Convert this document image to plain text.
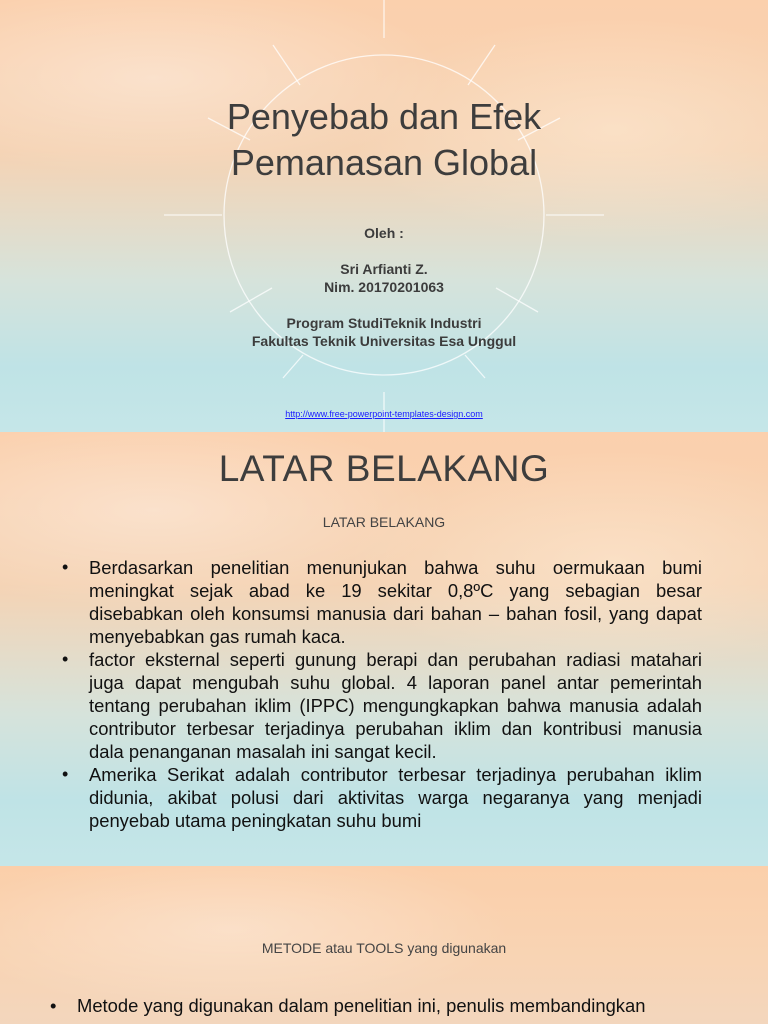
Penyebab dan Efek
Pemanasan Global
Oleh :
Sri Arfianti Z.
Nim. 20170201063
Program StudiTeknik Industri
Fakultas Teknik Universitas Esa Unggul
http://www.free-powerpoint-templates-design.com
LATAR BELAKANG
LATAR BELAKANG
• Berdasarkan penelitian menunjukan bahwa suhu oermukaan bumi meningkat sejak abad ke 19 sekitar 0,8ºC yang sebagian besar disebabkan oleh konsumsi manusia dari bahan – bahan fosil, yang dapat menyebabkan gas rumah kaca.
• factor eksternal seperti gunung berapi dan perubahan radiasi matahari juga dapat mengubah suhu global. 4 laporan panel antar pemerintah tentang perubahan iklim (IPPC) mengungkapkan bahwa manusia adalah contributor terbesar terjadinya perubahan iklim dan kontribusi manusia dala penanganan masalah ini sangat kecil.
• Amerika Serikat adalah contributor terbesar terjadinya perubahan iklim didunia, akibat polusi dari aktivitas warga negaranya yang menjadi penyebab utama peningkatan suhu bumi
METODE atau TOOLS yang digunakan
• Metode yang digunakan dalam penelitian ini, penulis membandingkan
